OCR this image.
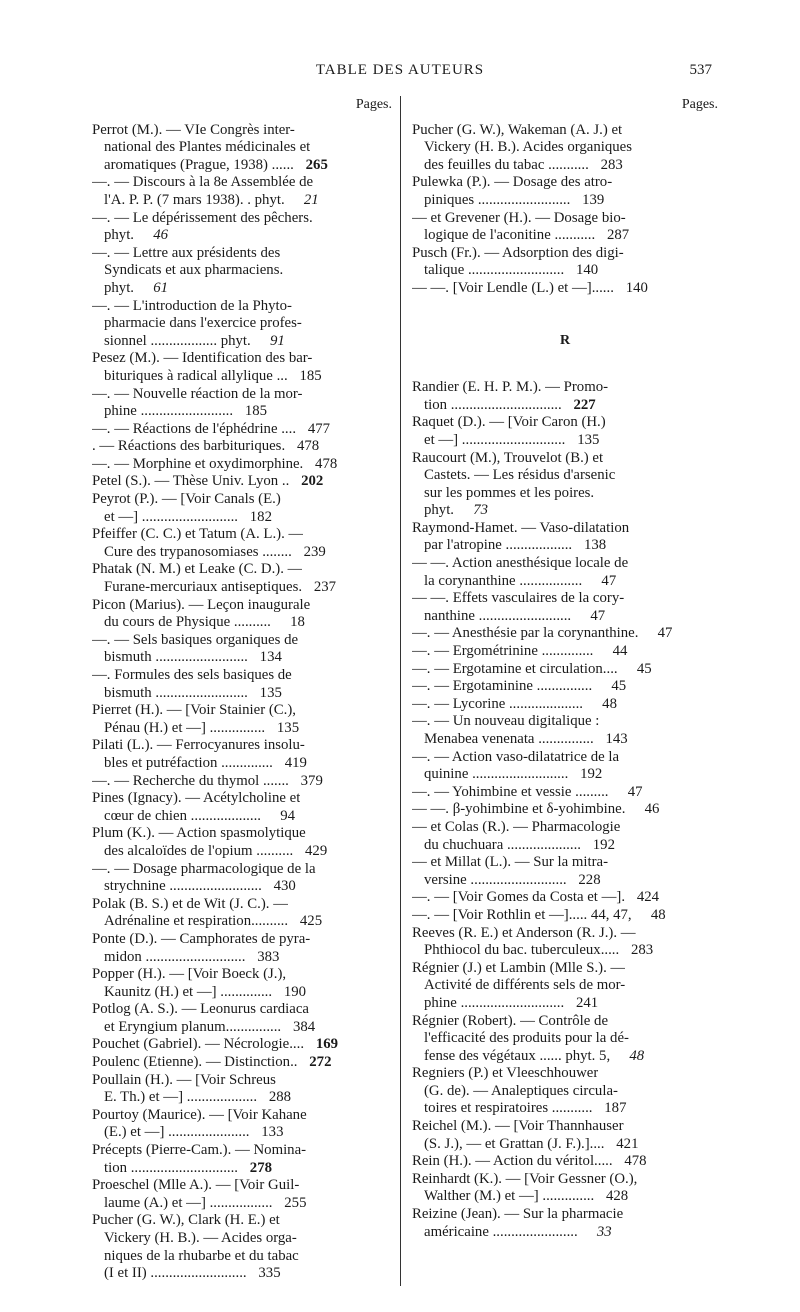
TABLE DES AUTEURS	537
Pages.
Perrot (M.). — VIe Congrès inter-
national des Plantes médicinales et
aromatiques (Prague, 1938) ...... 265
—. — Discours à la 8e Assemblée de
l'A. P. P. (7 mars 1938). . phyt.	21
—. — Le dépérissement des pêchers.
phyt.	46
—. — Lettre aux présidents des
Syndicats et aux pharmaciens.
phyt.	61
—. — L'introduction de la Phyto-
pharmacie dans l'exercice profes-
sionnel .................. phyt.	91
Pesez (M.). — Identification des bar-
bituriques à radical allylique ... 185
—. — Nouvelle réaction de la mor-
phine ......................... 185
—. — Réactions de l'éphédrine .... 477
. — Réactions des barbituriques. 478
—. — Morphine et oxydimorphine. 478
Petel (S.). — Thèse Univ. Lyon .. 202
Peyrot (P.). — [Voir Canals (E.)
et —] .......................... 182
Pfeiffer (C. C.) et Tatum (A. L.). —
Cure des trypanosomiases ........ 239
Phatak (N. M.) et Leake (C. D.). —
Furane-mercuriaux antiseptiques. 237
Picon (Marius). — Leçon inaugurale
du cours de Physique ..........	18
—. — Sels basiques organiques de
bismuth ......................... 134
—. Formules des sels basiques de
bismuth ......................... 135
Pierret (H.). — [Voir Stainier (C.),
Pénau (H.) et —] ............... 135
Pilati (L.). — Ferrocyanures insolu-
bles et putréfaction .............. 419
—. — Recherche du thymol ....... 379
Pines (Ignacy). — Acétylcholine et
cœur de chien ...................	94
Plum (K.). — Action spasmolytique
des alcaloïdes de l'opium .......... 429
—. — Dosage pharmacologique de la
strychnine ......................... 430
Polak (B. S.) et de Wit (J. C.). —
Adrénaline et respiration.......... 425
Ponte (D.). — Camphorates de pyra-
midon ........................... 383
Popper (H.). — [Voir Boeck (J.),
Kaunitz (H.) et —] .............. 190
Potlog (A. S.). — Leonurus cardiaca
et Eryngium planum............... 384
Pouchet (Gabriel). — Nécrologie.... 169
Poulenc (Etienne). — Distinction.. 272
Poullain (H.). — [Voir Schreus
E. Th.) et —] ................... 288
Pourtoy (Maurice). — [Voir Kahane
(E.) et —] ...................... 133
Précepts (Pierre-Cam.). — Nomina-
tion ............................. 278
Proeschel (Mlle A.). — [Voir Guil-
laume (A.) et —] ................. 255
Pucher (G. W.), Clark (H. E.) et
Vickery (H. B.). — Acides orga-
niques de la rhubarbe et du tabac
(I et II) .......................... 335
Pages.
Pucher (G. W.), Wakeman (A. J.) et
Vickery (H. B.). Acides organiques
des feuilles du tabac ........... 283
Pulewka (P.). — Dosage des atro-
piniques ......................... 139
— et Grevener (H.). — Dosage bio-
logique de l'aconitine ........... 287
Pusch (Fr.). — Adsorption des digi-
talique .......................... 140
— —. [Voir Lendle (L.) et —]...... 140
R
Randier (E. H. P. M.). — Promo-
tion .............................. 227
Raquet (D.). — [Voir Caron (H.)
et —] ............................ 135
Raucourt (M.), Trouvelot (B.) et
Castets. — Les résidus d'arsenic
sur les pommes et les poires.
phyt.	73
Raymond-Hamet. — Vaso-dilatation
par l'atropine .................. 138
— —. Action anesthésique locale de
la corynanthine .................	47
— —. Effets vasculaires de la cory-
nanthine .........................	47
—. — Anesthésie par la corynanthine.	47
—. — Ergométrinine ..............	44
—. — Ergotamine et circulation....	45
—. — Ergotaminine ...............	45
—. — Lycorine ....................	48
—. — Un nouveau digitalique :
Menabea venenata ............... 143
—. — Action vaso-dilatatrice de la
quinine .......................... 192
—. — Yohimbine et vessie .........	47
— —. β-yohimbine et δ-yohimbine.	46
— et Colas (R.). — Pharmacologie
du chuchuara .................... 192
— et Millat (L.). — Sur la mitra-
versine .......................... 228
—. — [Voir Gomes da Costa et —]. 424
—. — [Voir Rothlin et —]..... 44, 47,	48
Reeves (R. E.) et Anderson (R. J.). —
Phthiocol du bac. tuberculeux..... 283
Régnier (J.) et Lambin (Mlle S.). —
Activité de différents sels de mor-
phine ............................ 241
Régnier (Robert). — Contrôle de
l'efficacité des produits pour la dé-
fense des végétaux ...... phyt. 5,	48
Regniers (P.) et Vleeschhouwer
(G. de). — Analeptiques circula-
toires et respiratoires ........... 187
Reichel (M.). — [Voir Thannhauser
(S. J.), — et Grattan (J. F.).].... 421
Rein (H.). — Action du véritol..... 478
Reinhardt (K.). — [Voir Gessner (O.),
Walther (M.) et —] .............. 428
Reizine (Jean). — Sur la pharmacie
américaine .......................	33
